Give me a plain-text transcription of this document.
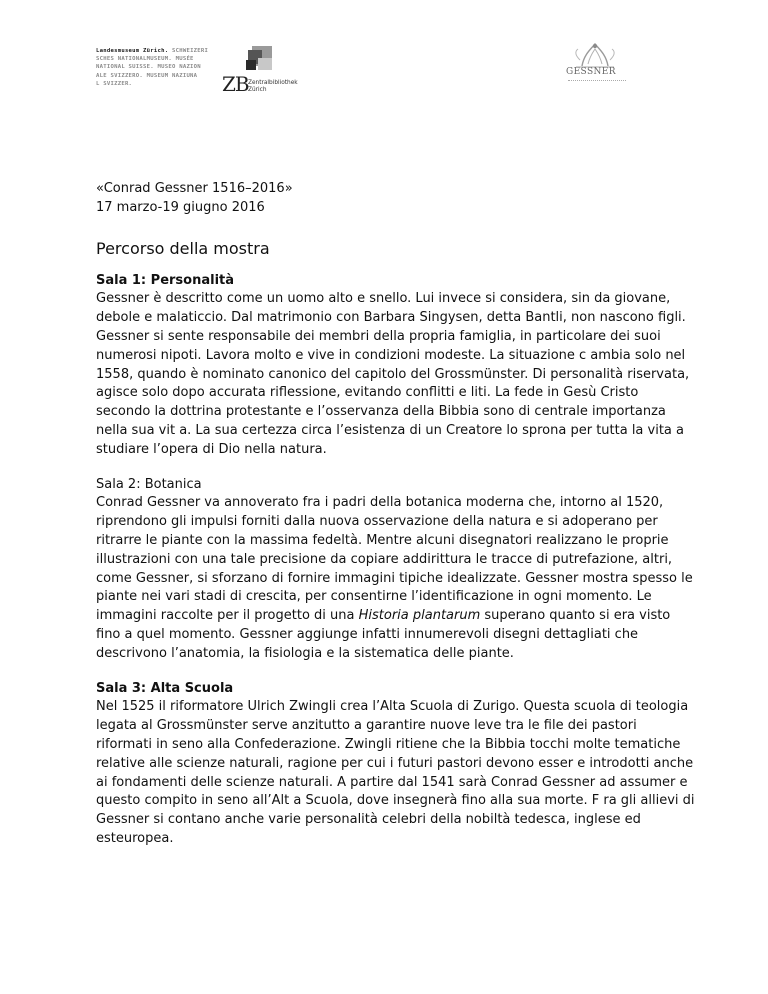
Landesmuseum Zürich. SCHWEIZERI
SCHES NATIONALMUSEUM. MUSÉE
NATIONAL SUISSE. MUSEO NAZION
ALE SVIZZERO. MUSEUM NAZIUNA
L SVIZZER.	ZB Zentralbibliothek
Zürich
GESSNER

«Conrad Gessner 1516–2016»

17 marzo-19 giugno 2016

Percorso della mostra

Sala 1: Personalità

Gessner è descritto come un uomo alto e snello. Lui invece si considera, sin da giovane, debole e malaticcio. Dal matrimonio con Barbara Singysen, detta Bantli, non nascono figli. Gessner si sente responsabile dei membri della propria famiglia, in particolare dei suoi numerosi nipoti. Lavora molto e vive in condizioni modeste. La situazione c ambia solo nel 1558, quando è nominato canonico del capitolo del Grossmünster. Di personalità riservata, agisce solo dopo accurata riflessione, evitando conflitti e liti. La fede in Gesù Cristo secondo la dottrina protestante e l’osservanza della Bibbia sono di centrale importanza nella sua vit a. La sua certezza circa l’esistenza di un Creatore lo sprona per tutta la vita a studiare l’opera di Dio nella natura.

Sala 2: Botanica

Conrad Gessner va annoverato fra i padri della botanica moderna che, intorno al 1520, riprendono gli impulsi forniti dalla nuova osservazione della natura e si adoperano per ritrarre le piante con la massima fedeltà. Mentre alcuni disegnatori realizzano le proprie illustrazioni con una tale precisione da copiare addirittura le tracce di putrefazione, altri, come Gessner, si sforzano di fornire immagini tipiche idealizzate. Gessner mostra spesso le piante nei vari stadi di crescita, per consentirne l’identificazione in ogni momento. Le immagini raccolte per il progetto di una Historia plantarum superano quanto si era visto fino a quel momento. Gessner aggiunge infatti innumerevoli disegni dettagliati che descrivono l’anatomia, la fisiologia e la sistematica delle piante.

Sala 3: Alta Scuola

Nel 1525 il riformatore Ulrich Zwingli crea l’Alta Scuola di Zurigo. Questa scuola di teologia legata al Grossmünster serve anzitutto a garantire nuove leve tra le file dei pastori riformati in seno alla Confederazione. Zwingli ritiene che la Bibbia tocchi molte tematiche relative alle scienze naturali, ragione per cui i futuri pastori devono esser e introdotti anche ai fondamenti delle scienze naturali. A partire dal 1541 sarà Conrad Gessner ad assumer e questo compito in seno all’Alt a Scuola, dove insegnerà fino alla sua morte. F ra gli allievi di Gessner si contano anche varie personalità celebri della nobiltà tedesca, inglese ed esteuropea.
